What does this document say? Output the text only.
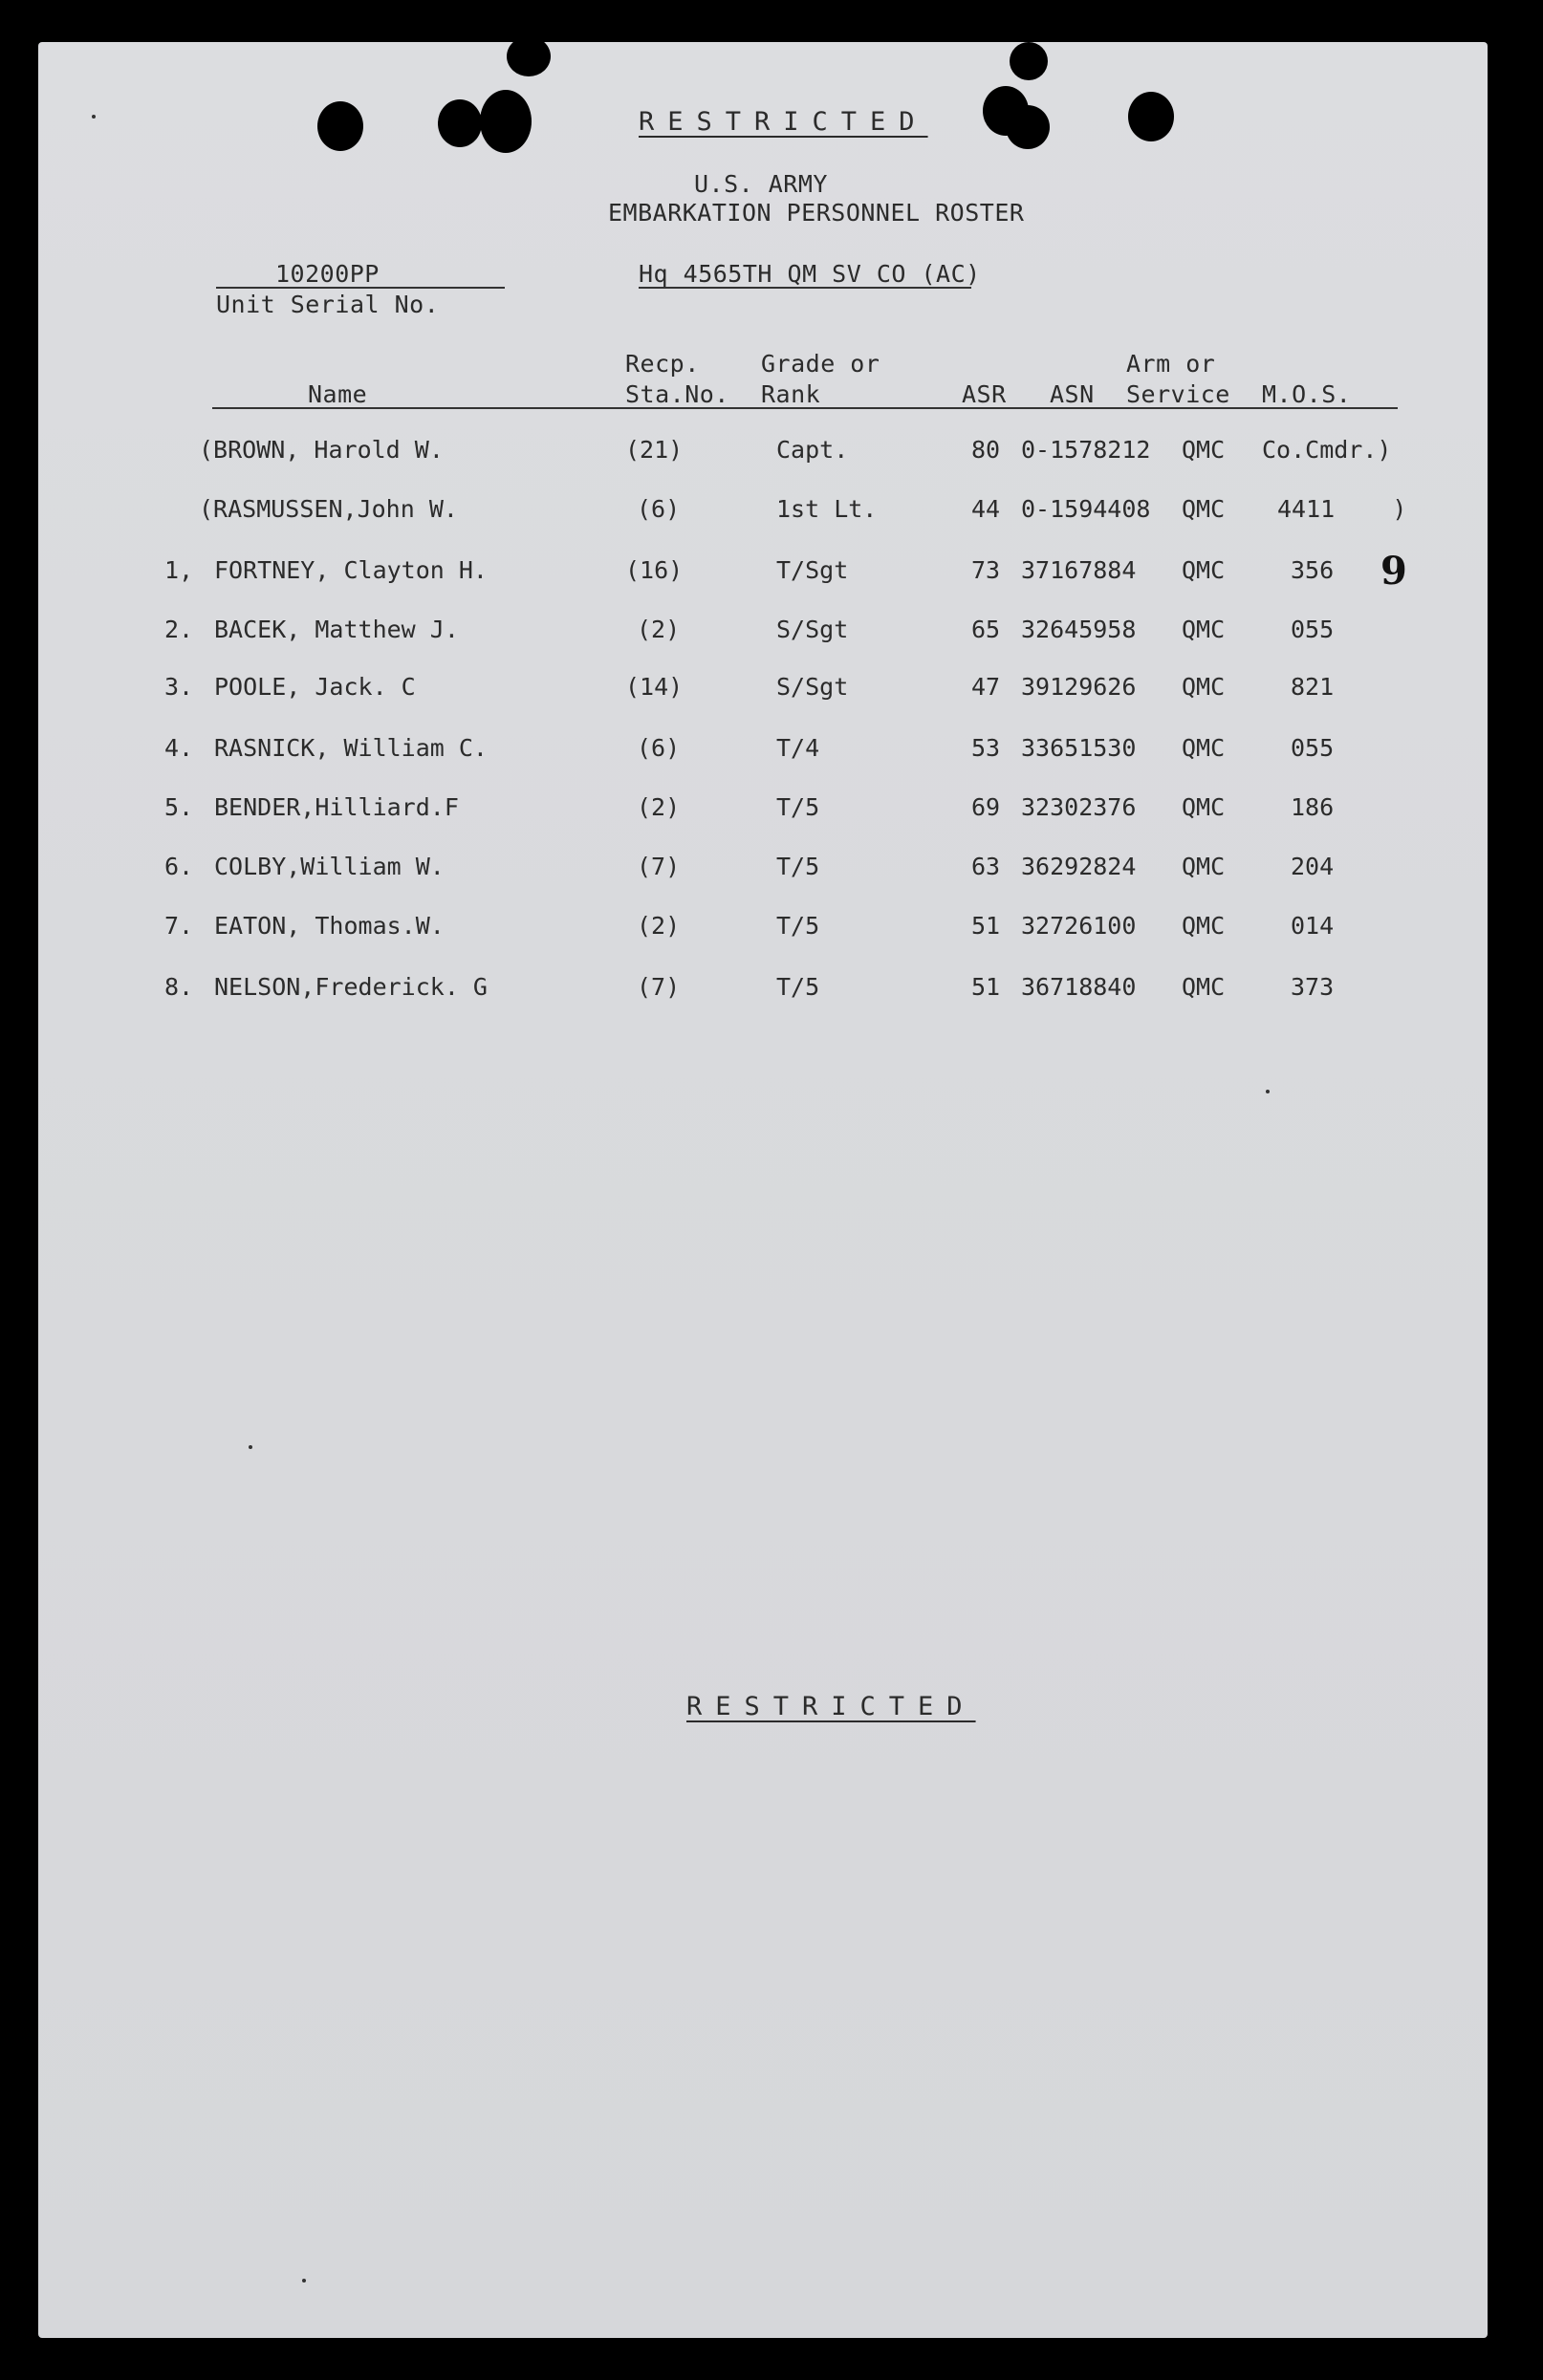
RESTRICTED
U.S. ARMY
EMBARKATION PERSONNEL ROSTER
10200PP
Unit Serial No.
Hq 4565TH QM SV CO (AC)
Recp.	Grade or	Arm or
Name	Sta.No. Rank	ASR ASN Service M.O.S.
(BROWN, Harold W.	(21)	Capt.	80 0-1578212 QMC Co.Cmdr.)
(RASMUSSEN,John W.	(6)	1st Lt.	44 0-1594408 QMC 4411    )
1, FORTNEY, Clayton H.	(16)	T/Sgt	73 37167884 QMC	356
2. BACEK, Matthew J.	(2)	S/Sgt	65 32645958 QMC	055
3. POOLE, Jack. C	(14)	S/Sgt	47 39129626 QMC	821
4. RASNICK, William C.	(6)	T/4	53 33651530 QMC	055
5. BENDER,Hilliard.F	(2)	T/5	69 32302376 QMC	186
6. COLBY,William W.	(7)	T/5	63 36292824 QMC	204
7. EATON, Thomas.W.	(2)	T/5	51 32726100 QMC	014
8. NELSON,Frederick. G	(7)	T/5	51 36718840 QMC	373
9
RESTRICTED
